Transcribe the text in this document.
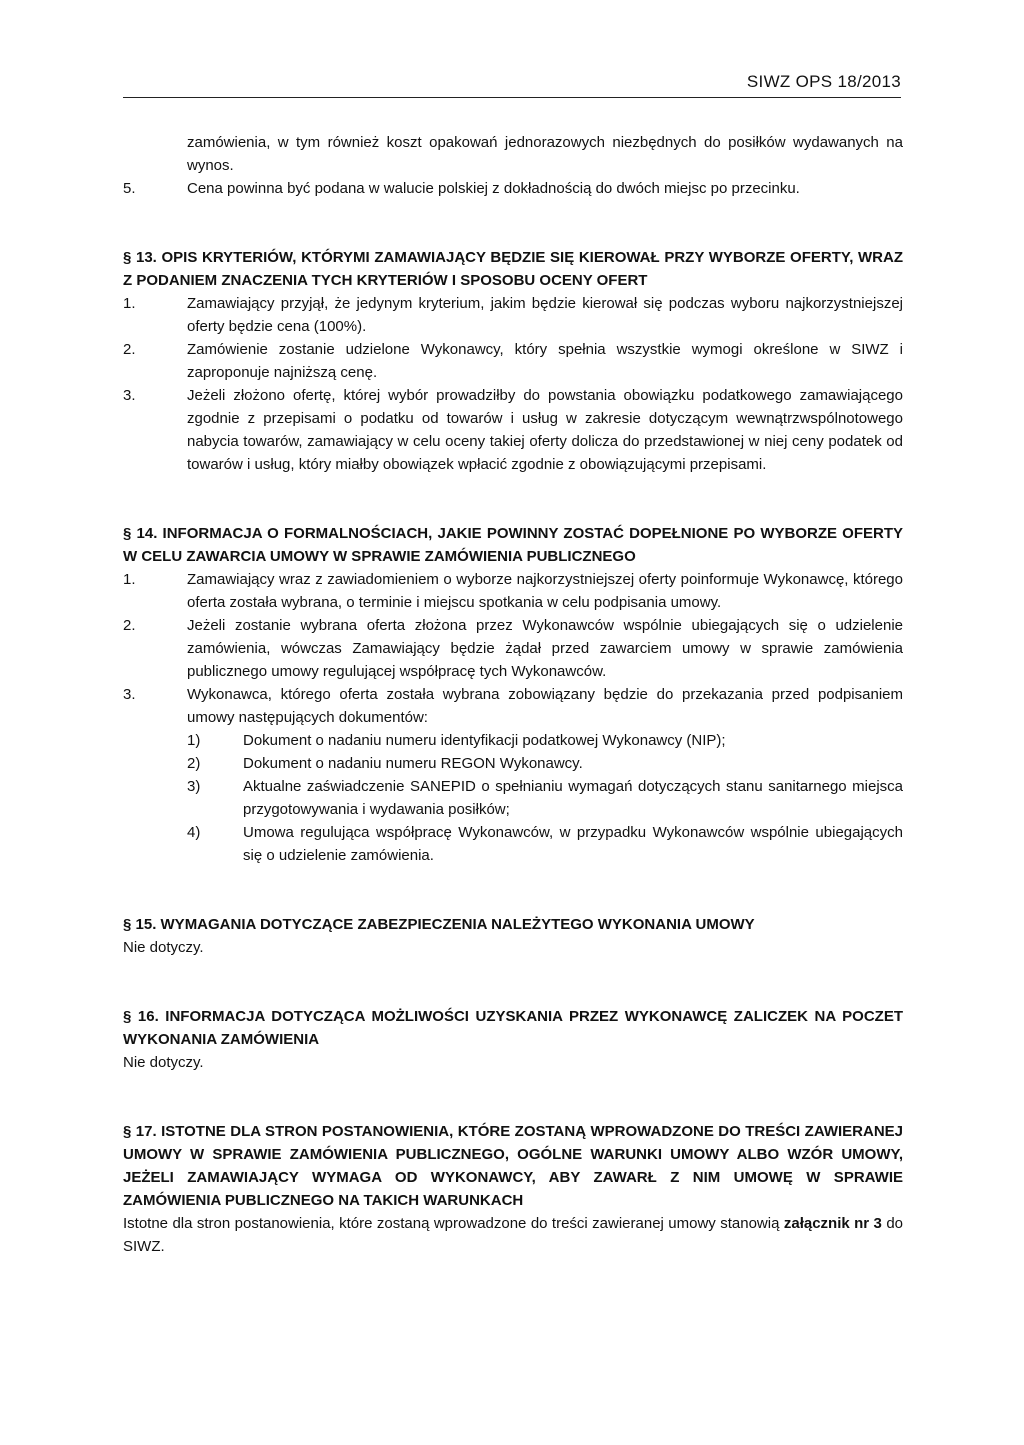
SIWZ OPS 18/2013

zamówienia, w tym również koszt opakowań jednorazowych niezbędnych do posiłków wydawanych na wynos.

5.	Cena powinna być podana w walucie polskiej z dokładnością do dwóch miejsc po przecinku.

§ 13. OPIS KRYTERIÓW, KTÓRYMI ZAMAWIAJĄCY BĘDZIE SIĘ KIEROWAŁ PRZY WYBORZE OFERTY, WRAZ Z PODANIEM ZNACZENIA TYCH KRYTERIÓW I SPOSOBU OCENY OFERT

1.	Zamawiający przyjął, że jedynym kryterium, jakim będzie kierował się podczas wyboru najkorzystniejszej oferty będzie cena (100%).

2.	Zamówienie zostanie udzielone Wykonawcy, który spełnia wszystkie wymogi określone w SIWZ i zaproponuje najniższą cenę.

3.	Jeżeli złożono ofertę, której wybór prowadziłby do powstania obowiązku podatkowego zamawiającego zgodnie z przepisami o podatku od towarów i usług w zakresie dotyczącym wewnątrzwspólnotowego nabycia towarów, zamawiający w celu oceny takiej oferty dolicza do przedstawionej w niej ceny podatek od towarów i usług, który miałby obowiązek wpłacić zgodnie z obowiązującymi przepisami.

§ 14. INFORMACJA O FORMALNOŚCIACH, JAKIE POWINNY ZOSTAĆ DOPEŁNIONE PO WYBORZE OFERTY W CELU ZAWARCIA UMOWY W SPRAWIE ZAMÓWIENIA PUBLICZNEGO

1.	Zamawiający wraz z zawiadomieniem o wyborze najkorzystniejszej oferty poinformuje Wykonawcę, którego oferta została wybrana, o terminie i miejscu spotkania w celu podpisania umowy.

2.	Jeżeli zostanie wybrana oferta złożona przez Wykonawców wspólnie ubiegających się o udzielenie zamówienia, wówczas Zamawiający będzie żądał przed zawarciem umowy w sprawie zamówienia publicznego umowy regulującej współpracę tych Wykonawców.

3.	Wykonawca, którego oferta została wybrana zobowiązany będzie do przekazania przed podpisaniem umowy następujących dokumentów:

1)	Dokument o nadaniu numeru identyfikacji podatkowej Wykonawcy (NIP);

2)	Dokument o nadaniu numeru REGON Wykonawcy.

3)	Aktualne zaświadczenie SANEPID o spełnianiu wymagań dotyczących stanu sanitarnego miejsca przygotowywania i wydawania posiłków;

4)	Umowa regulująca współpracę Wykonawców, w przypadku Wykonawców wspólnie ubiegających się o udzielenie zamówienia.

§ 15. WYMAGANIA DOTYCZĄCE ZABEZPIECZENIA NALEŻYTEGO WYKONANIA UMOWY

Nie dotyczy.

§ 16. INFORMACJA DOTYCZĄCA MOŻLIWOŚCI UZYSKANIA PRZEZ WYKONAWCĘ ZALICZEK NA POCZET WYKONANIA ZAMÓWIENIA

Nie dotyczy.

§ 17. ISTOTNE DLA STRON POSTANOWIENIA, KTÓRE ZOSTANĄ WPROWADZONE DO TREŚCI ZAWIERANEJ UMOWY W SPRAWIE ZAMÓWIENIA PUBLICZNEGO, OGÓLNE WARUNKI UMOWY ALBO WZÓR UMOWY, JEŻELI ZAMAWIAJĄCY WYMAGA OD WYKONAWCY, ABY ZAWARŁ Z NIM UMOWĘ W SPRAWIE ZAMÓWIENIA PUBLICZNEGO NA TAKICH WARUNKACH

Istotne dla stron postanowienia, które zostaną wprowadzone do treści zawieranej umowy stanowią załącznik nr 3 do SIWZ.
